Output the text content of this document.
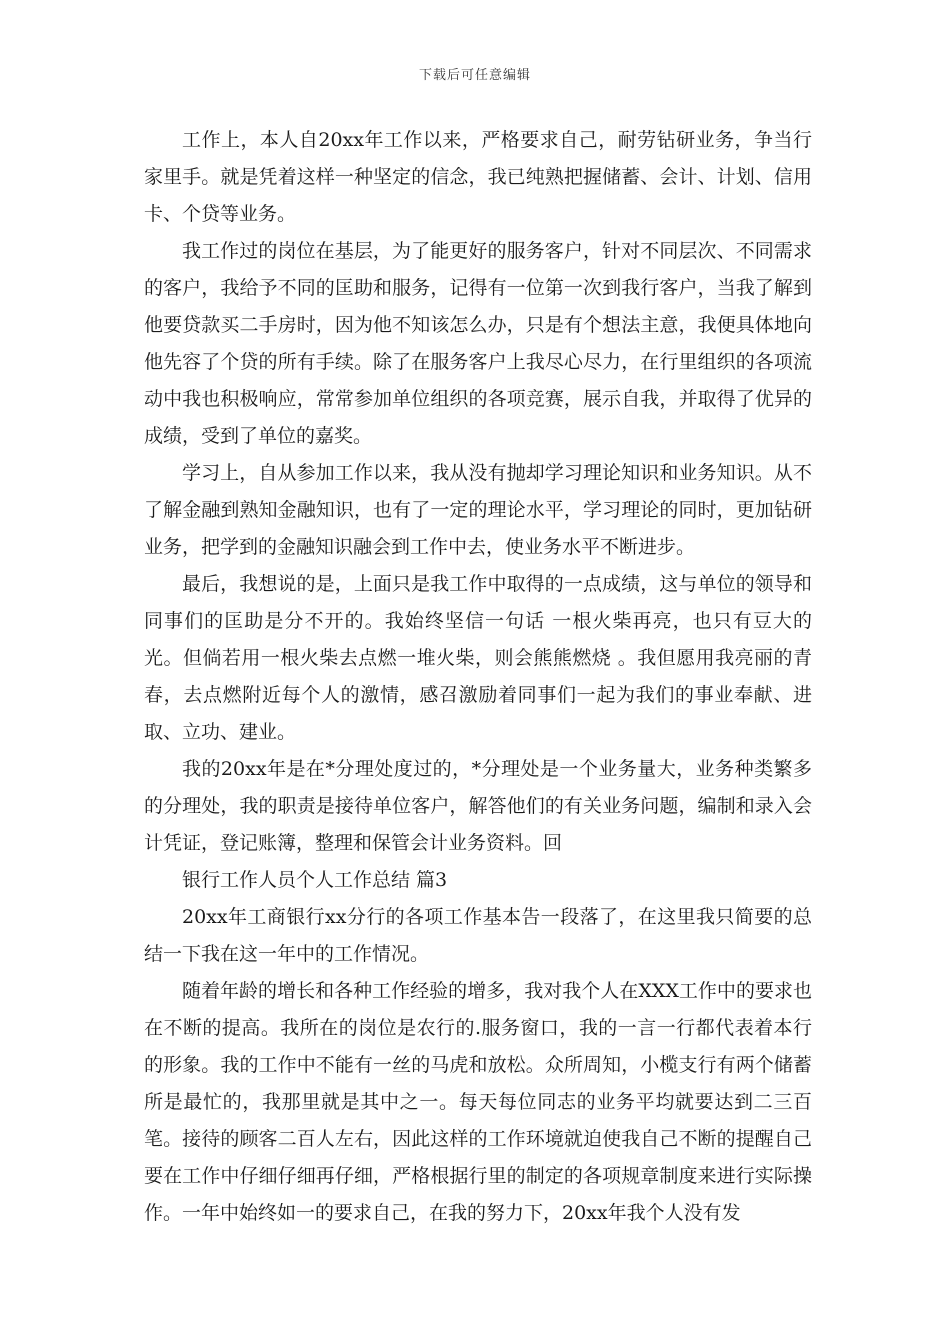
下载后可任意编辑

工作上，本人自20xx年工作以来，严格要求自己，耐劳钻研业务，争当行家里手。就是凭着这样一种坚定的信念，我已纯熟把握储蓄、会计、计划、信用卡、个贷等业务。

我工作过的岗位在基层，为了能更好的服务客户，针对不同层次、不同需求的客户，我给予不同的匡助和服务，记得有一位第一次到我行客户，当我了解到他要贷款买二手房时，因为他不知该怎么办，只是有个想法主意，我便具体地向他先容了个贷的所有手续。除了在服务客户上我尽心尽力，在行里组织的各项流动中我也积极响应，常常参加单位组织的各项竞赛，展示自我，并取得了优异的成绩，受到了单位的嘉奖。

学习上，自从参加工作以来，我从没有抛却学习理论知识和业务知识。从不了解金融到熟知金融知识，也有了一定的理论水平，学习理论的同时，更加钻研业务，把学到的金融知识融会到工作中去，使业务水平不断进步。

最后，我想说的是，上面只是我工作中取得的一点成绩，这与单位的领导和同事们的匡助是分不开的。我始终坚信一句话 一根火柴再亮，也只有豆大的光。但倘若用一根火柴去点燃一堆火柴，则会熊熊燃烧 。我但愿用我亮丽的青春，去点燃附近每个人的激情，感召激励着同事们一起为我们的事业奉献、进取、立功、建业。

我的20xx年是在*分理处度过的，*分理处是一个业务量大，业务种类繁多的分理处，我的职责是接待单位客户，解答他们的有关业务问题，编制和录入会计凭证，登记账簿，整理和保管会计业务资料。回

银行工作人员个人工作总结 篇3

20xx年工商银行xx分行的各项工作基本告一段落了，在这里我只简要的总结一下我在这一年中的工作情况。

随着年龄的增长和各种工作经验的增多，我对我个人在XXX工作中的要求也在不断的提高。我所在的岗位是农行的.服务窗口，我的一言一行都代表着本行的形象。我的工作中不能有一丝的马虎和放松。众所周知，小榄支行有两个储蓄所是最忙的，我那里就是其中之一。每天每位同志的业务平均就要达到二三百笔。接待的顾客二百人左右，因此这样的工作环境就迫使我自己不断的提醒自己要在工作中仔细仔细再仔细，严格根据行里的制定的各项规章制度来进行实际操作。一年中始终如一的要求自己，在我的努力下，20xx年我个人没有发
